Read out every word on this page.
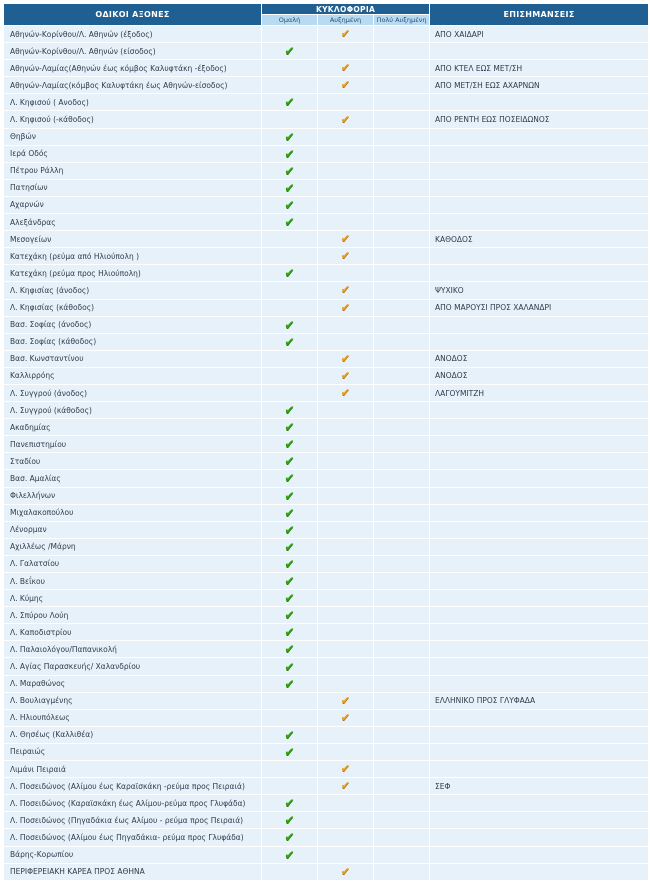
ΟΔΙΚΟΙ ΑΞΟΝΕΣ	ΚΥΚΛΟΦΟΡΙΑ			ΕΠΙΣΗΜΑΝΣΕΙΣ
	Ομαλή	Αυξημένη	Πολύ Αυξημένη	
Αθηνών-Κορίνθου/Λ. Αθηνών (έξοδος)		✔		ΑΠΟ ΧΑΙΔΑΡΙ
Αθηνών-Κορίνθου/Λ. Αθηνών (είσοδος)	✔			
Αθηνών-Λαμίας(Αθηνών έως κόμβος Καλυφτάκη -έξοδος)		✔		ΑΠΟ ΚΤΕΛ ΕΩΣ ΜΕΤ/ΣΗ
Αθηνών-Λαμίας(κόμβος Καλυφτάκη έως Αθηνών-είσοδος)		✔		ΑΠΟ ΜΕΤ/ΣΗ ΕΩΣ ΑΧΑΡΝΩΝ
Λ. Κηφισού ( Ανοδος)	✔			
Λ. Κηφισού (-κάθοδος)		✔		ΑΠΟ ΡΕΝΤΗ ΕΩΣ ΠΟΣΕΙΔΩΝΟΣ
Θηβών	✔			
Ιερά Οδός	✔			
Πέτρου Ράλλη	✔			
Πατησίων	✔			
Αχαρνών	✔			
Αλεξάνδρας	✔			
Μεσογείων		✔		ΚΑΘΟΔΟΣ
Κατεχάκη (ρεύμα από Ηλιούπολη )		✔		
Κατεχάκη (ρεύμα προς Ηλιούπολη)	✔			
Λ. Κηφισίας (άνοδος)		✔		ΨΥΧΙΚΟ
Λ. Κηφισίας (κάθοδος)		✔		ΑΠΟ ΜΑΡΟΥΣΙ ΠΡΟΣ ΧΑΛΑΝΔΡΙ
Βασ. Σοφίας (άνοδος)	✔			
Βασ. Σοφίας (κάθοδος)	✔			
Βασ. Κωνσταντίνου		✔		ΑΝΟΔΟΣ
Καλλιρρόης		✔		ΑΝΟΔΟΣ
Λ. Συγγρού (άνοδος)		✔		ΛΑΓΟΥΜΙΤΖΗ
Λ. Συγγρού (κάθοδος)	✔			
Ακαδημίας	✔			
Πανεπιστημίου	✔			
Σταδίου	✔			
Βασ. Αμαλίας	✔			
Φιλελλήνων	✔			
Μιχαλακοπούλου	✔			
Λένορμαν	✔			
Αχιλλέως /Μάρνη	✔			
Λ. Γαλατσίου	✔			
Λ. Βεΐκου	✔			
Λ. Κύμης	✔			
Λ. Σπύρου Λούη	✔			
Λ. Καποδιστρίου	✔			
Λ. Παλαιολόγου/Παπανικολή	✔			
Λ. Αγίας Παρασκευής/ Χαλανδρίου	✔			
Λ. Μαραθώνος	✔			
Λ. Βουλιαγμένης		✔		ΕΛΛΗΝΙΚΟ ΠΡΟΣ ΓΛΥΦΑΔΑ
Λ. Ηλιουπόλεως		✔		
Λ. Θησέως (Καλλιθέα)	✔			
Πειραιώς	✔			
Λιμάνι Πειραιά		✔		
Λ. Ποσειδώνος (Αλίμου έως Καραϊσκάκη -ρεύμα προς Πειραιά)		✔		ΣΕΦ
Λ. Ποσειδώνος (Καραϊσκάκη έως Αλίμου-ρεύμα προς Γλυφάδα)	✔			
Λ. Ποσειδώνος (Πηγαδάκια έως Αλίμου - ρεύμα προς Πειραιά)	✔			
Λ. Ποσειδώνος (Αλίμου έως Πηγαδάκια- ρεύμα προς Γλυφάδα)	✔			
Βάρης-Κορωπίου	✔			
ΠΕΡΙΦΕΡΕΙΑΚΗ ΚΑΡΕΑ ΠΡΟΣ ΑΘΗΝΑ		✔		
